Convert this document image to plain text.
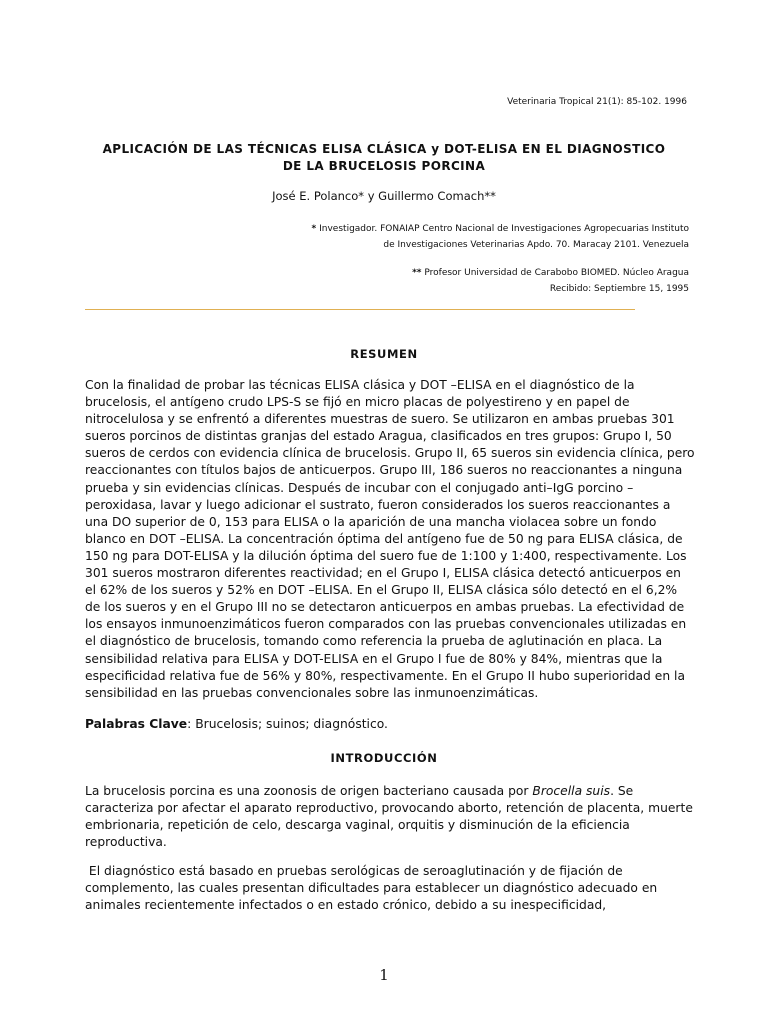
Veterinaria Tropical 21(1): 85-102. 1996
APLICACIÓN DE LAS TÉCNICAS ELISA CLÁSICA y DOT-ELISA EN EL DIAGNOSTICO
DE LA BRUCELOSIS PORCINA
José E. Polanco* y Guillermo Comach**
* Investigador. FONAIAP Centro Nacional de Investigaciones Agropecuarias Instituto
de Investigaciones Veterinarias Apdo. 70. Maracay 2101. Venezuela
** Profesor Universidad de Carabobo BIOMED. Núcleo Aragua
Recibido: Septiembre 15, 1995
RESUMEN
Con la finalidad de probar las técnicas ELISA clásica y DOT –ELISA en el diagnóstico de la brucelosis, el antígeno crudo LPS-S se fijó en micro placas de polyestireno y en papel de nitrocelulosa y se enfrentó a diferentes muestras de suero. Se utilizaron en ambas pruebas 301 sueros porcinos de distintas granjas del estado Aragua, clasificados en tres grupos: Grupo I, 50 sueros de cerdos con evidencia clínica de brucelosis. Grupo II, 65 sueros sin evidencia clínica, pero reaccionantes con títulos bajos de anticuerpos. Grupo III, 186 sueros no reaccionantes a ninguna prueba y sin evidencias clínicas. Después de incubar con el conjugado anti–IgG porcino –peroxidasa, lavar y luego adicionar el sustrato, fueron considerados los sueros reaccionantes a una DO superior de 0, 153 para ELISA o la aparición de una mancha violacea sobre un fondo blanco en DOT –ELISA. La concentración óptima del antígeno fue de 50 ng para ELISA clásica, de 150 ng para DOT-ELISA y la dilución óptima del suero fue de 1:100 y 1:400, respectivamente. Los 301 sueros mostraron diferentes reactividad; en el Grupo I, ELISA clásica detectó anticuerpos en el 62% de los sueros y 52% en DOT –ELISA. En el Grupo II, ELISA clásica sólo detectó en el 6,2% de los sueros y en el Grupo III no se detectaron anticuerpos en ambas pruebas. La efectividad de los ensayos inmunoenzimáticos fueron comparados con las pruebas convencionales utilizadas en el diagnóstico de brucelosis, tomando como referencia la prueba de aglutinación en placa. La sensibilidad relativa para ELISA y DOT-ELISA en el Grupo I fue de 80% y 84%, mientras que la especificidad relativa fue de 56% y 80%, respectivamente. En el Grupo II hubo superioridad en la sensibilidad en las pruebas convencionales sobre las inmunoenzimáticas.
Palabras Clave: Brucelosis; suinos; diagnóstico.
INTRODUCCIÓN
La brucelosis porcina es una zoonosis de origen bacteriano causada por Brocella suis. Se caracteriza por afectar el aparato reproductivo, provocando aborto, retención de placenta, muerte embrionaria, repetición de celo, descarga vaginal, orquitis y disminución de la eficiencia reproductiva.
El diagnóstico está basado en pruebas serológicas de seroaglutinación y de fijación de complemento, las cuales presentan dificultades para establecer un diagnóstico adecuado en animales recientemente infectados o en estado crónico, debido a su inespecificidad,
1
